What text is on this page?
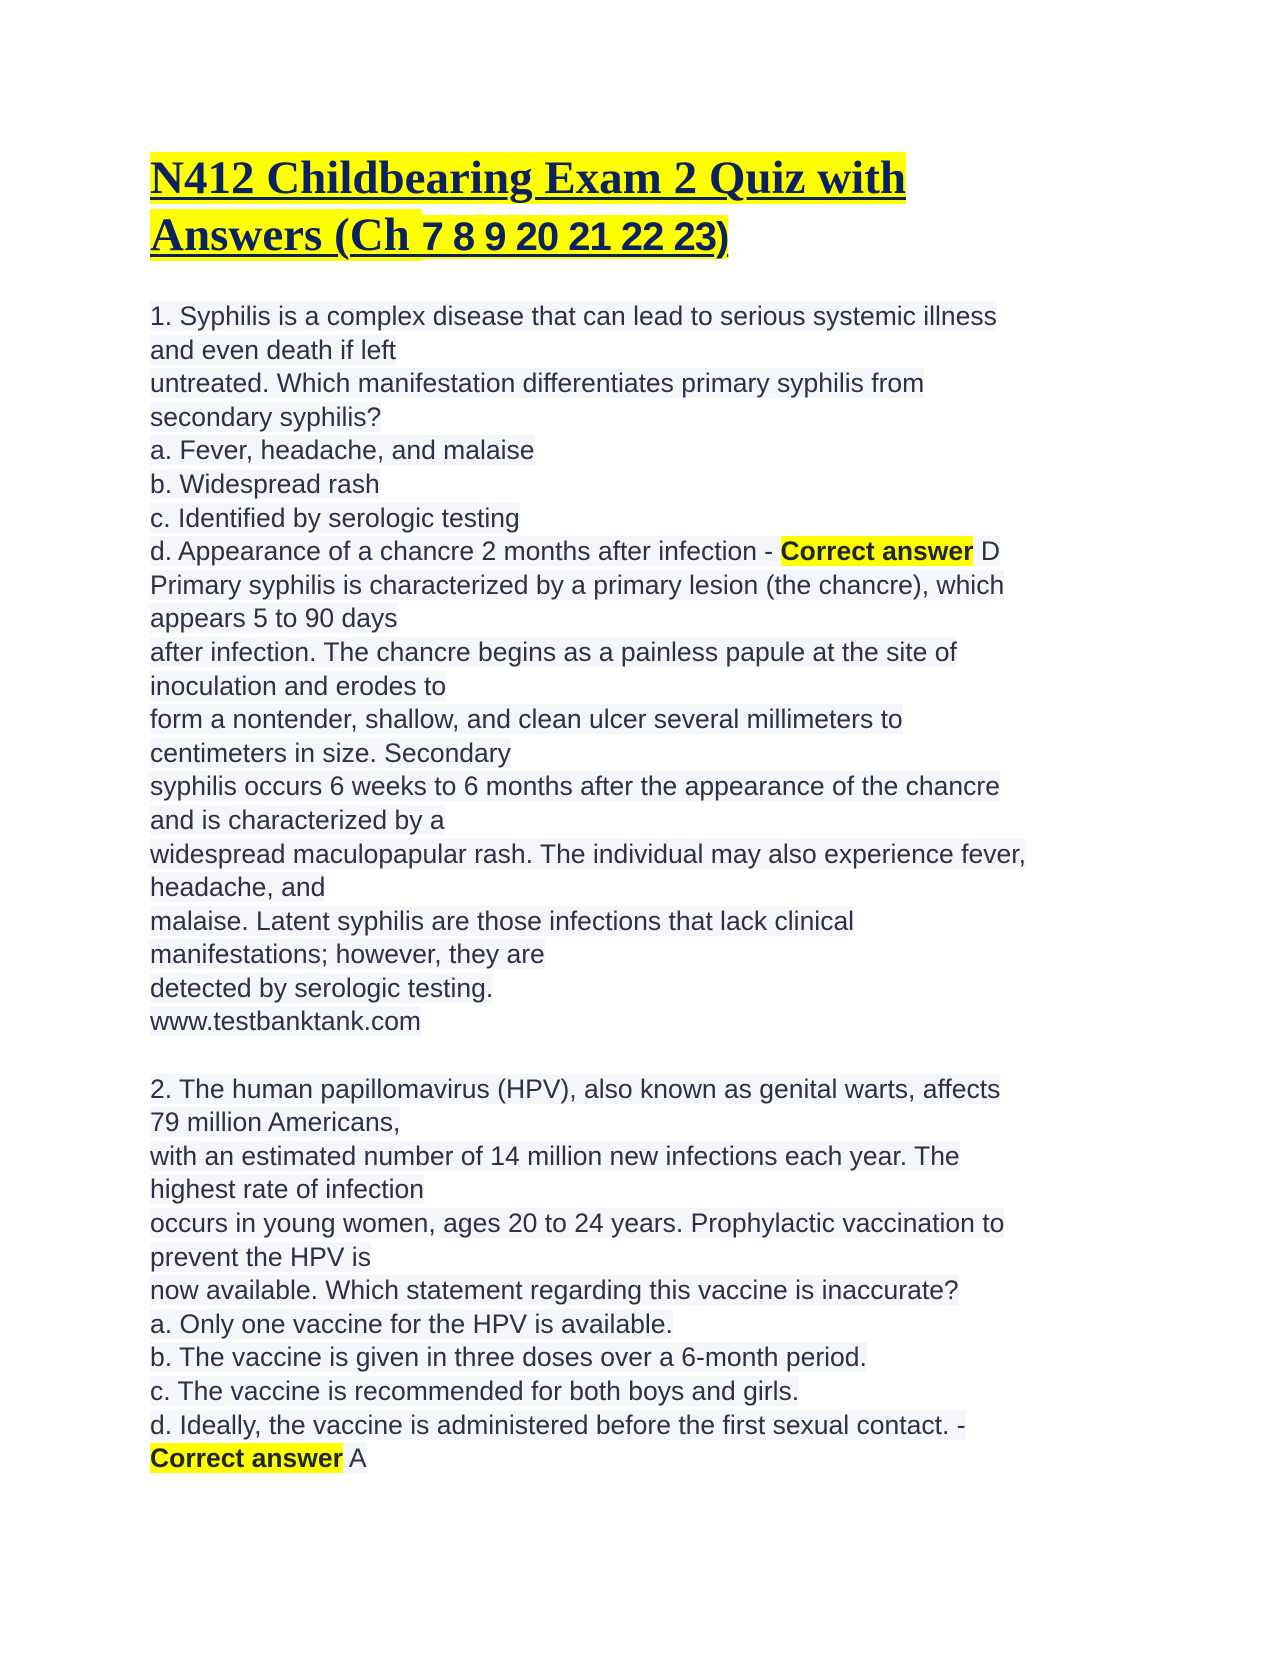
N412 Childbearing Exam 2 Quiz with
Answers (Ch 7 8 9 20 21 22 23)
1. Syphilis is a complex disease that can lead to serious systemic illness
and even death if left
untreated. Which manifestation differentiates primary syphilis from
secondary syphilis?
a. Fever, headache, and malaise
b. Widespread rash
c. Identified by serologic testing
d. Appearance of a chancre 2 months after infection - Correct answer D
Primary syphilis is characterized by a primary lesion (the chancre), which
appears 5 to 90 days
after infection. The chancre begins as a painless papule at the site of
inoculation and erodes to
form a nontender, shallow, and clean ulcer several millimeters to
centimeters in size. Secondary
syphilis occurs 6 weeks to 6 months after the appearance of the chancre
and is characterized by a
widespread maculopapular rash. The individual may also experience fever,
headache, and
malaise. Latent syphilis are those infections that lack clinical
manifestations; however, they are
detected by serologic testing.
www.testbanktank.com
2. The human papillomavirus (HPV), also known as genital warts, affects
79 million Americans,
with an estimated number of 14 million new infections each year. The
highest rate of infection
occurs in young women, ages 20 to 24 years. Prophylactic vaccination to
prevent the HPV is
now available. Which statement regarding this vaccine is inaccurate?
a. Only one vaccine for the HPV is available.
b. The vaccine is given in three doses over a 6-month period.
c. The vaccine is recommended for both boys and girls.
d. Ideally, the vaccine is administered before the first sexual contact. -
Correct answer A
